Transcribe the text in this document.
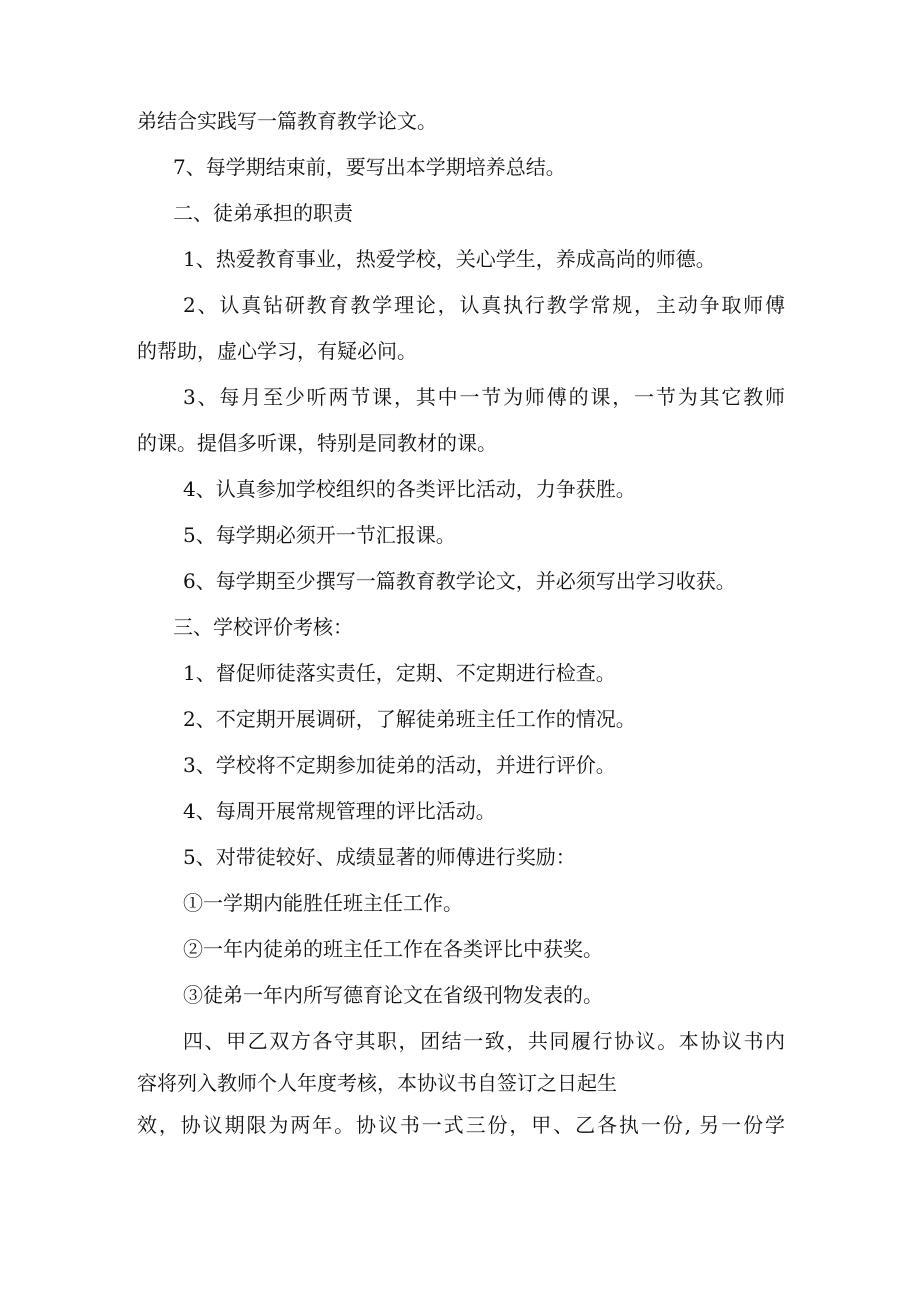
弟结合实践写一篇教育教学论文。
7、每学期结束前，要写出本学期培养总结。
二、徒弟承担的职责
1、热爱教育事业，热爱学校，关心学生，养成高尚的师德。
2、认真钻研教育教学理论，认真执行教学常规，主动争取师傅
的帮助，虚心学习，有疑必问。
3、每月至少听两节课，其中一节为师傅的课，一节为其它教师
的课。提倡多听课，特别是同教材的课。
4、认真参加学校组织的各类评比活动，力争获胜。
5、每学期必须开一节汇报课。
6、每学期至少撰写一篇教育教学论文，并必须写出学习收获。
三、学校评价考核：
1、督促师徒落实责任，定期、不定期进行检查。
2、不定期开展调研，了解徒弟班主任工作的情况。
3、学校将不定期参加徒弟的活动，并进行评价。
4、每周开展常规管理的评比活动。
5、对带徒较好、成绩显著的师傅进行奖励：
①一学期内能胜任班主任工作。
②一年内徒弟的班主任工作在各类评比中获奖。
③徒弟一年内所写德育论文在省级刊物发表的。
四、甲乙双方各守其职，团结一致，共同履行协议。本协议书内
容将列入教师个人年度考核，本协议书自签订之日起生
效，协议期限为两年。协议书一式三份，甲、乙各执一份, 另一份学
